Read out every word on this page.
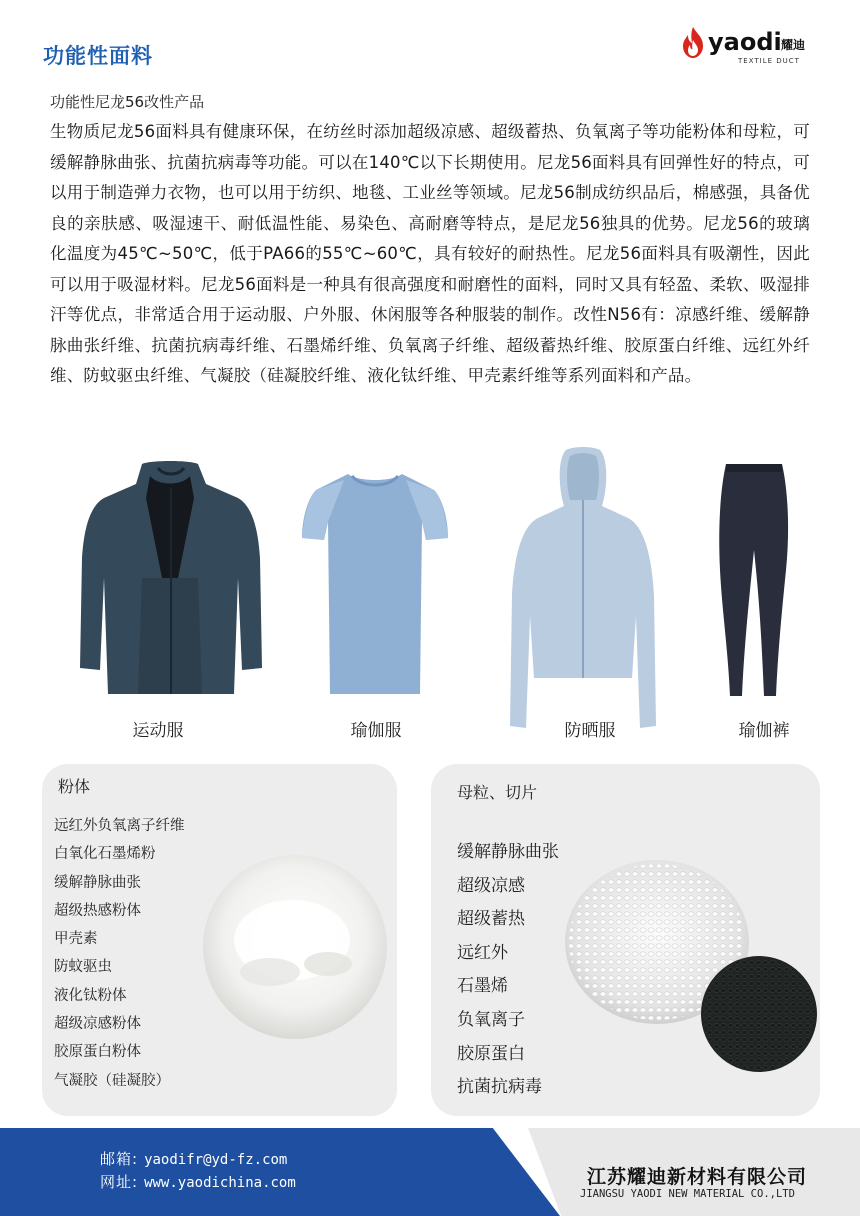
功能性面料	yaodi 耀迪
TEXTILE DUCT
功能性尼龙56改性产品
生物质尼龙56面料具有健康环保，在纺丝时添加超级凉感、超级蓄热、负氧离子等功能粉体和母粒，可缓解静脉曲张、抗菌抗病毒等功能。可以在140℃以下长期使用。尼龙56面料具有回弹性好的特点，可以用于制造弹力衣物，也可以用于纺织、地毯、工业丝等领域。尼龙56制成纺织品后，棉感强，具备优良的亲肤感、吸湿速干、耐低温性能、易染色、高耐磨等特点，是尼龙56独具的优势。尼龙56的玻璃化温度为45℃~50℃，低于PA66的55℃~60℃，具有较好的耐热性。尼龙56面料具有吸潮性，因此可以用于吸湿材料。尼龙56面料是一种具有很高强度和耐磨性的面料，同时又具有轻盈、柔软、吸湿排汗等优点，非常适合用于运动服、户外服、休闲服等各种服装的制作。改性N56有：凉感纤维、缓解静脉曲张纤维、抗菌抗病毒纤维、石墨烯纤维、负氧离子纤维、超级蓄热纤维、胶原蛋白纤维、远红外纤维、防蚊驱虫纤维、气凝胶（硅凝胶纤维、液化钛纤维、甲壳素纤维等系列面料和产品。
运动服	瑜伽服	防晒服	瑜伽裤
粉体
远红外负氧离子纤维
白氧化石墨烯粉
缓解静脉曲张
超级热感粉体
甲壳素
防蚊驱虫
液化钛粉体
超级凉感粉体
胶原蛋白粉体
气凝胶（硅凝胶）
母粒、切片
缓解静脉曲张
超级凉感
超级蓄热
远红外
石墨烯
负氧离子
胶原蛋白
抗菌抗病毒
邮箱: yaodifr@yd-fz.com
网址: www.yaodichina.com	江苏耀迪新材料有限公司
JIANGSU YAODI NEW MATERIAL CO.,LTD
